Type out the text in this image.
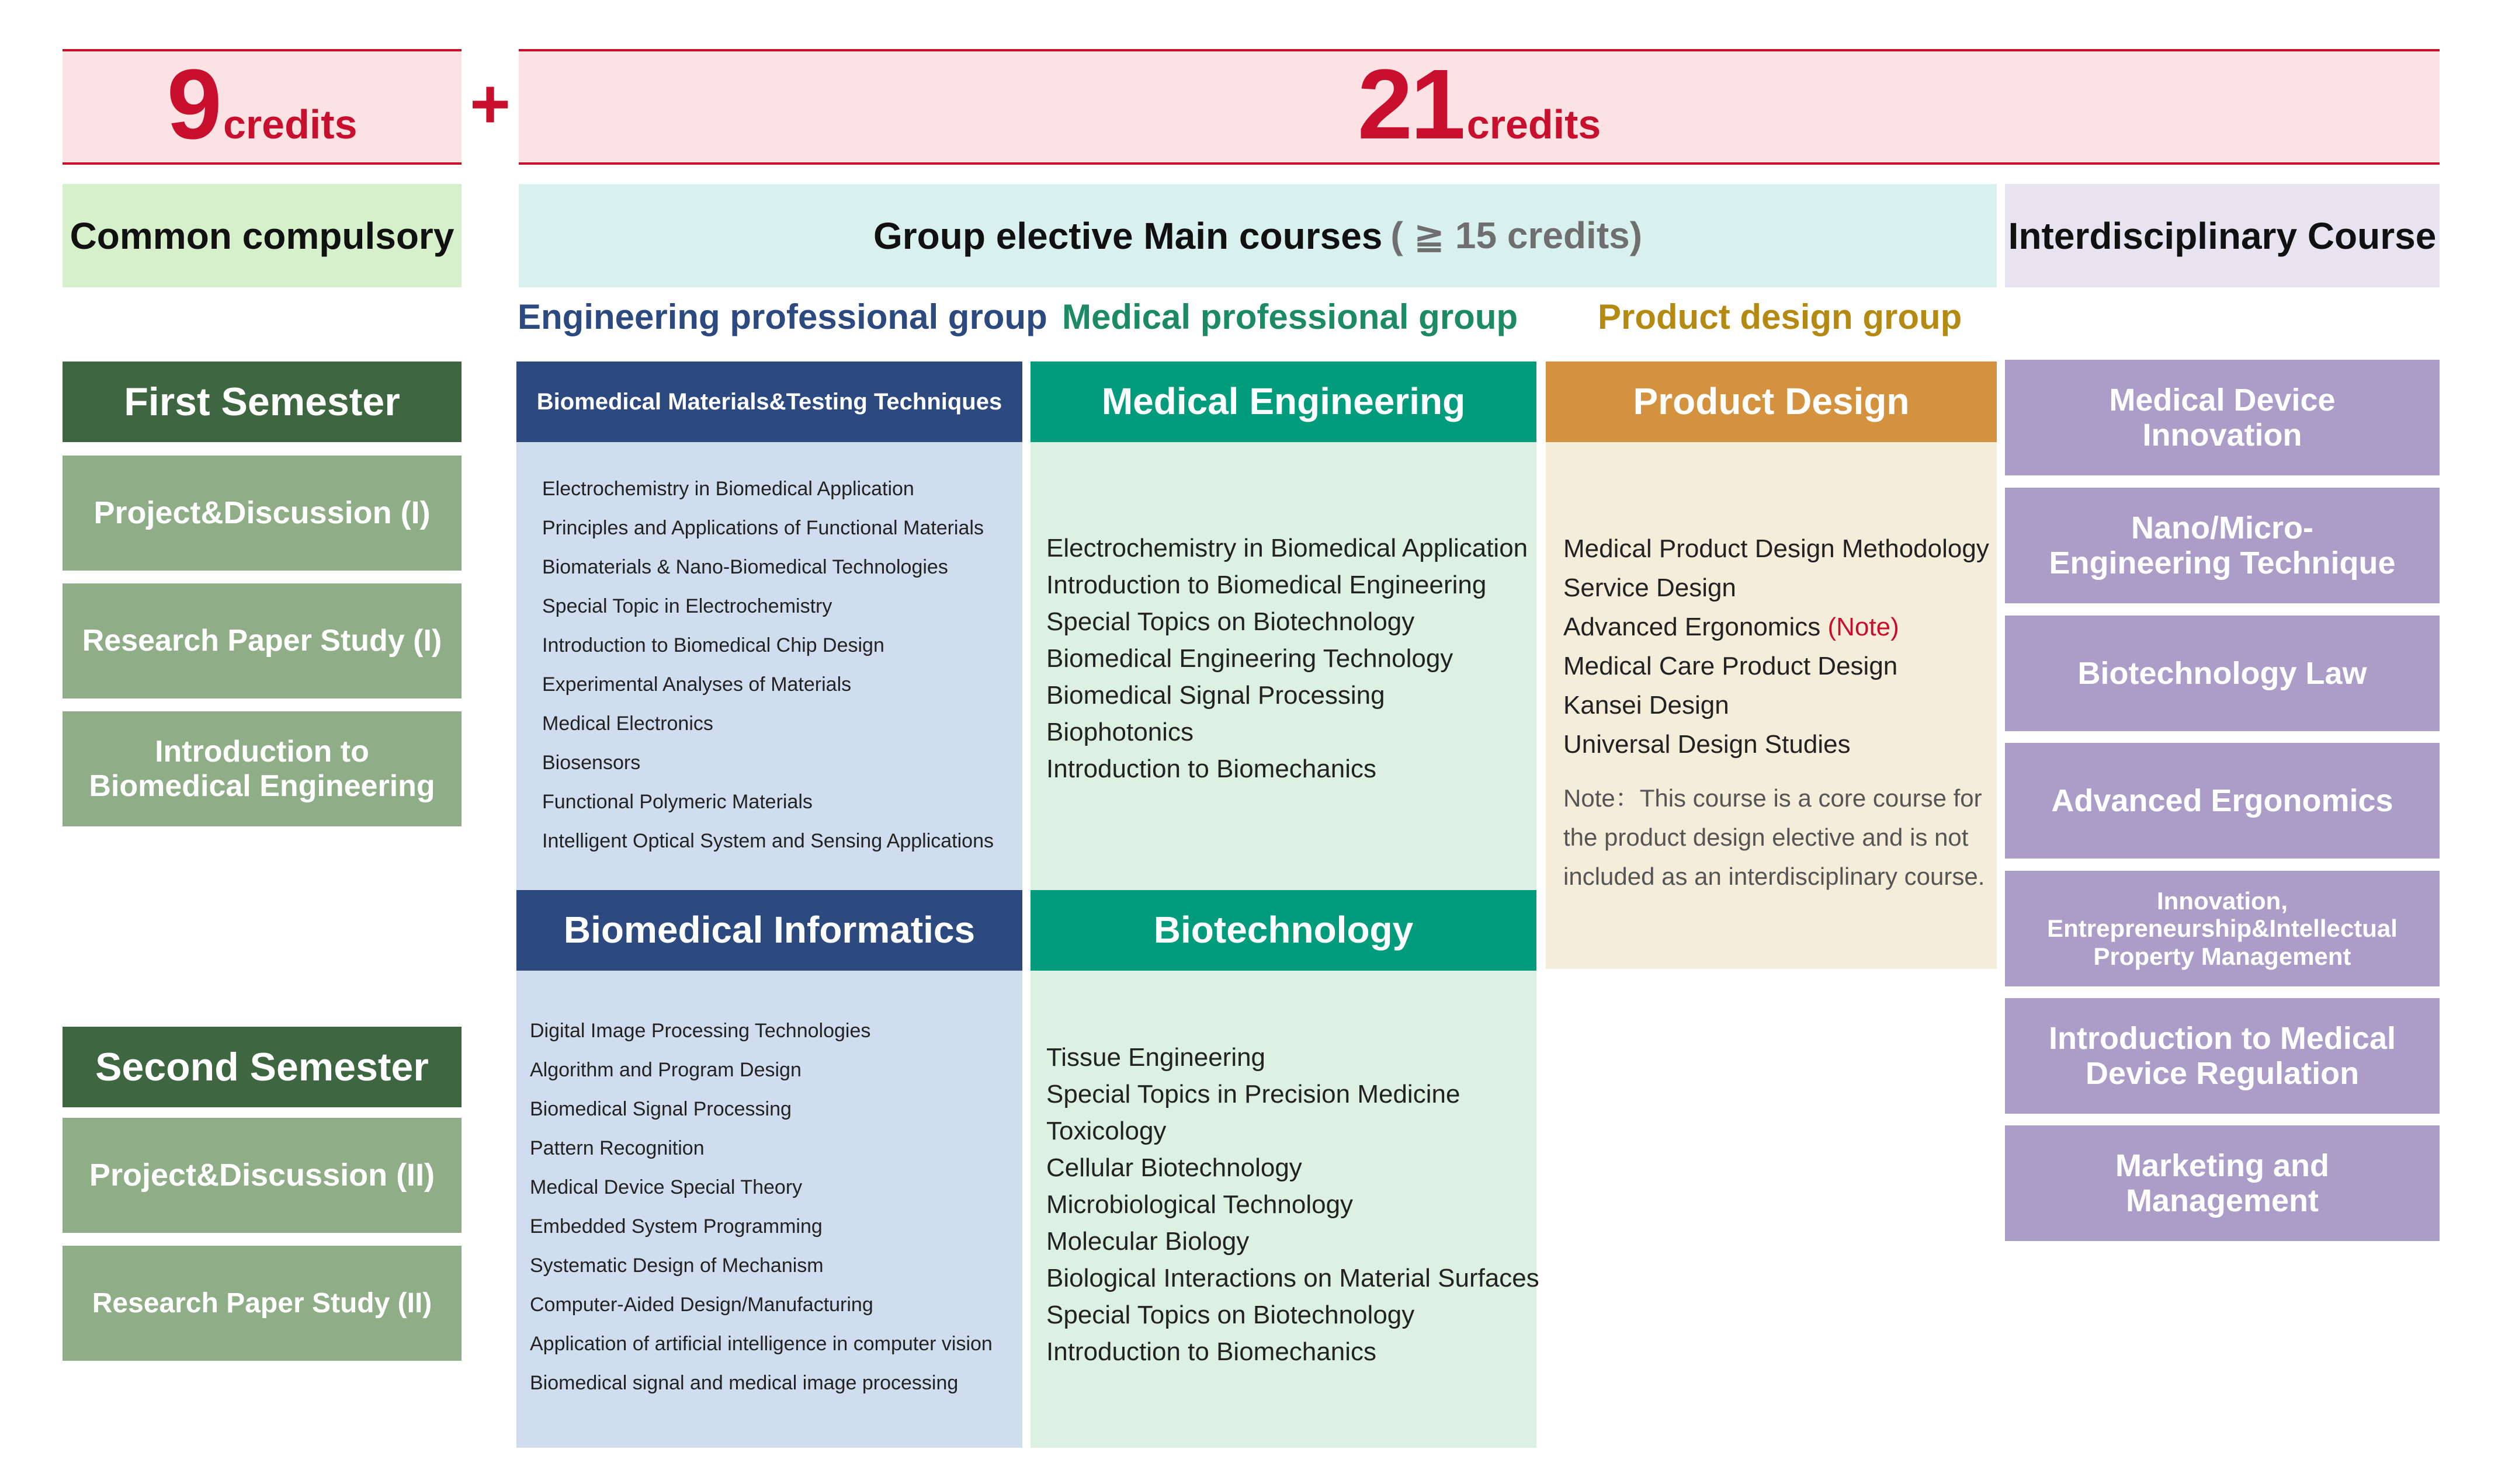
9 credits +	21 credits
Common compulsory	Group elective Main courses ( ≧ 15 credits)	Interdisciplinary Course
Engineering professional group Medical professional group Product design group
First Semester
Project&Discussion (I)
Research Paper Study (I)
Introduction to Biomedical Engineering
Second Semester
Project&Discussion (II)
Research Paper Study (II)
Biomedical Materials&Testing Techniques
Electrochemistry in Biomedical Application
Principles and Applications of Functional Materials
Biomaterials & Nano-Biomedical Technologies
Special Topic in Electrochemistry
Introduction to Biomedical Chip Design
Experimental Analyses of Materials
Medical Electronics
Biosensors
Functional Polymeric Materials
Intelligent Optical System and Sensing Applications
Biomedical Informatics
Digital Image Processing Technologies
Algorithm and Program Design
Biomedical Signal Processing
Pattern Recognition
Medical Device Special Theory
Embedded System Programming
Systematic Design of Mechanism
Computer-Aided Design/Manufacturing
Application of artificial intelligence in computer vision
Biomedical signal and medical image processing
Medical Engineering
Electrochemistry in Biomedical Application
Introduction to Biomedical Engineering
Special Topics on Biotechnology
Biomedical Engineering Technology
Biomedical Signal Processing
Biophotonics
Introduction to Biomechanics
Biotechnology
Tissue Engineering
Special Topics in Precision Medicine
Toxicology
Cellular Biotechnology
Microbiological Technology
Molecular Biology
Biological Interactions on Material Surfaces
Special Topics on Biotechnology
Introduction to Biomechanics
Product Design
Medical Product Design Methodology
Service Design
Advanced Ergonomics (Note)
Medical Care Product Design
Kansei Design
Universal Design Studies
Note：This course is a core course for
the product design elective and is not
included as an interdisciplinary course.
Medical Device Innovation
Nano/Micro-Engineering Technique
Biotechnology Law
Advanced Ergonomics
Innovation, Entrepreneurship&Intellectual Property Management
Introduction to Medical Device Regulation
Marketing and Management
